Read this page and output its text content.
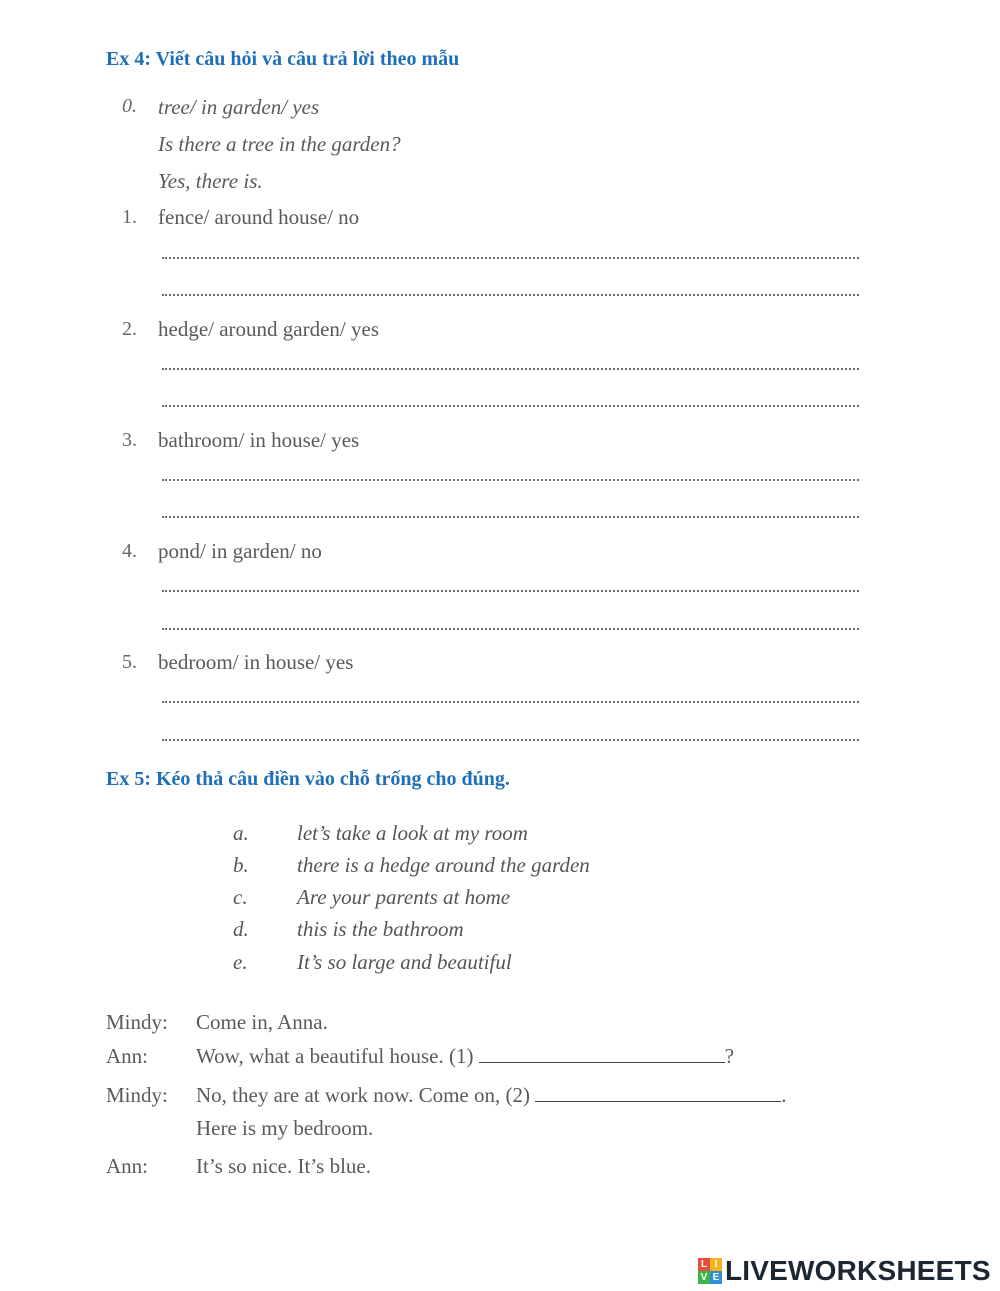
Ex 4: Viết câu hỏi và câu trả lời theo mẫu
0. tree/ in garden/ yes
Is there a tree in the garden?
Yes, there is.
1. fence/ around house/ no
2. hedge/ around garden/ yes
3. bathroom/ in house/ yes
4. pond/ in garden/ no
5. bedroom/ in house/ yes
Ex 5: Kéo thả câu điền vào chỗ trống cho đúng.
a. let’s take a look at my room
b. there is a hedge around the garden
c. Are your parents at home
d. this is the bathroom
e. It’s so large and beautiful
Mindy: Come in, Anna.
Ann: Wow, what a beautiful house. (1)	?
Mindy: No, they are at work now. Come on, (2)	.
Here is my bedroom.
Ann: It’s so nice. It’s blue.
L I
V E LIVEWORKSHEETS
